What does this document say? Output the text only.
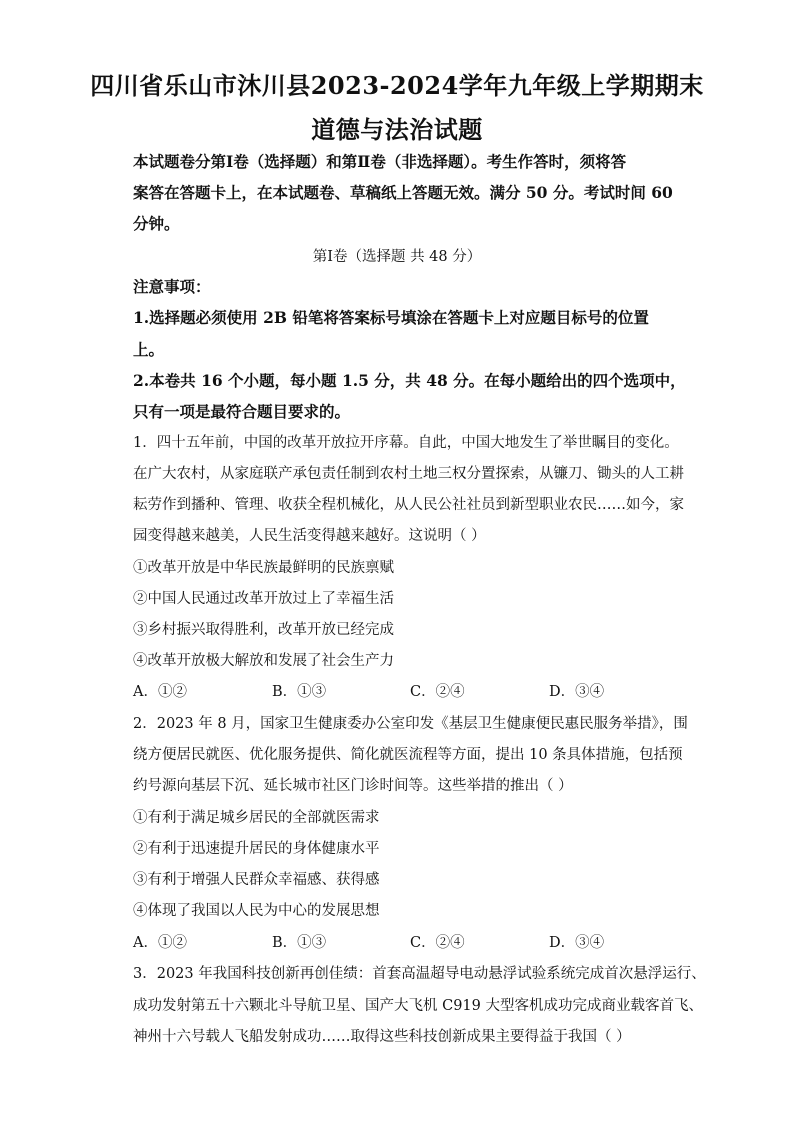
四川省乐山市沐川县2023-2024学年九年级上学期期末
道德与法治试题
本试题卷分第Ⅰ卷（选择题）和第Ⅱ卷（非选择题）。考生作答时，须将答
案答在答题卡上，在本试题卷、草稿纸上答题无效。满分 50 分。考试时间 60
分钟。
第Ⅰ卷（选择题 共 48 分）
注意事项：
1.选择题必须使用 2B 铅笔将答案标号填涂在答题卡上对应题目标号的位置
上。
2.本卷共 16 个小题，每小题 1.5 分，共 48 分。在每小题给出的四个选项中，
只有一项是最符合题目要求的。
1．四十五年前，中国的改革开放拉开序幕。自此，中国大地发生了举世瞩目的变化。
在广大农村，从家庭联产承包责任制到农村土地三权分置探索，从镰刀、锄头的人工耕
耘劳作到播种、管理、收获全程机械化，从人民公社社员到新型职业农民……如今，家
园变得越来越美，人民生活变得越来越好。这说明（ ）
①改革开放是中华民族最鲜明的民族禀赋
②中国人民通过改革开放过上了幸福生活
③乡村振兴取得胜利，改革开放已经完成
④改革开放极大解放和发展了社会生产力
A．①②	B．①③	C．②④	D．③④
2．2023 年 8 月，国家卫生健康委办公室印发《基层卫生健康便民惠民服务举措》，围
绕方便居民就医、优化服务提供、简化就医流程等方面，提出 10 条具体措施，包括预
约号源向基层下沉、延长城市社区门诊时间等。这些举措的推出（ ）
①有利于满足城乡居民的全部就医需求
②有利于迅速提升居民的身体健康水平
③有利于增强人民群众幸福感、获得感
④体现了我国以人民为中心的发展思想
A．①②	B．①③	C．②④	D．③④
3．2023 年我国科技创新再创佳绩：首套高温超导电动悬浮试验系统完成首次悬浮运行、
成功发射第五十六颗北斗导航卫星、国产大飞机 C919 大型客机成功完成商业载客首飞、
神州十六号载人飞船发射成功……取得这些科技创新成果主要得益于我国（ ）
